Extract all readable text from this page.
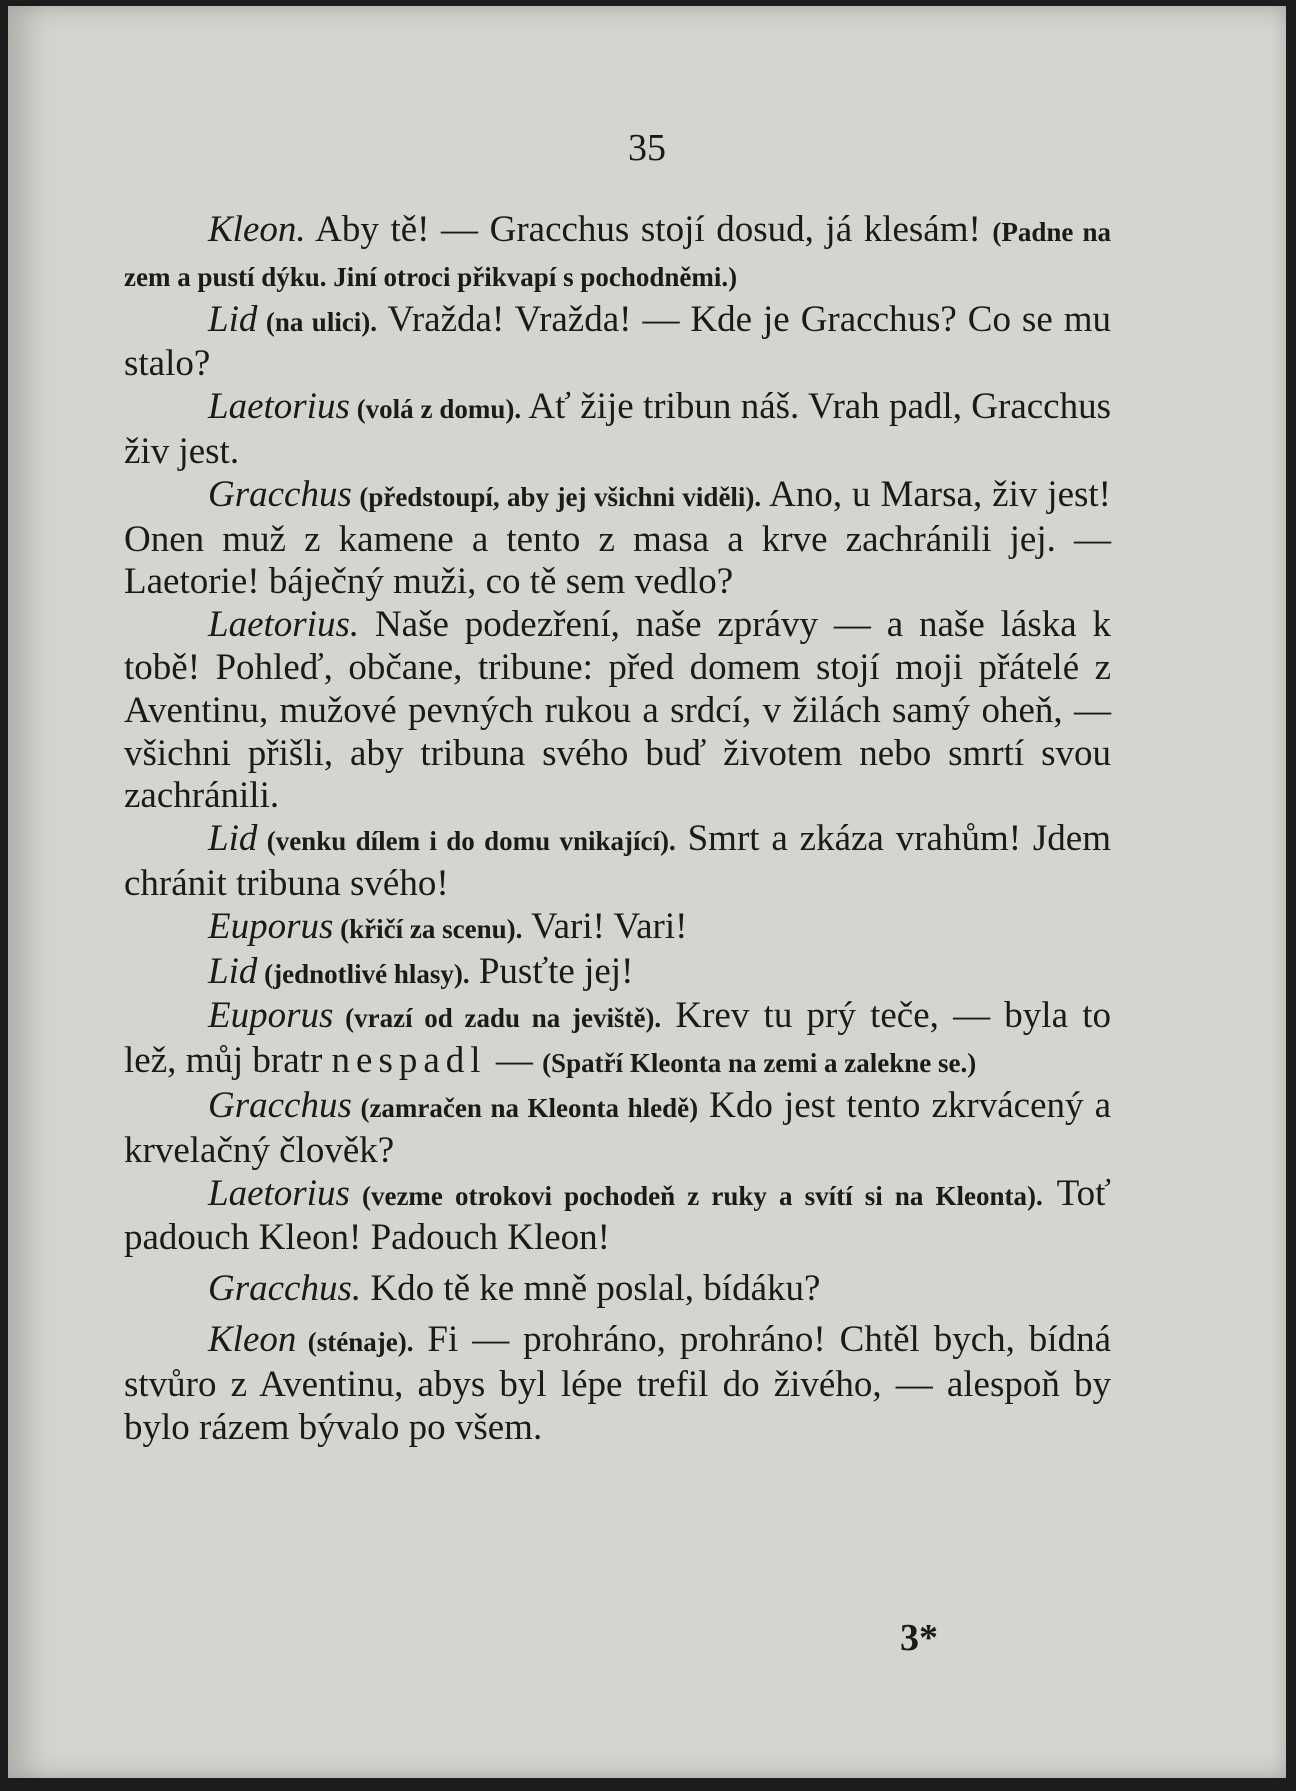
35

Kleon. Aby tě! — Gracchus stojí dosud, já klesám! (Padne na zem a pustí dýku. Jiní otroci přikvapí s pochodněmi.)

Lid (na ulici). Vražda! Vražda! — Kde je Gracchus? Co se mu stalo?

Laetorius (volá z domu). Ať žije tribun náš. Vrah padl, Gracchus živ jest.

Gracchus (předstoupí, aby jej všichni viděli). Ano, u Marsa, živ jest! Onen muž z kamene a tento z masa a krve zachránili jej. — Laetorie! báječný muži, co tě sem vedlo?

Laetorius. Naše podezření, naše zprávy — a naše láska k tobě! Pohleď, občane, tribune: před domem stojí moji přátelé z Aventinu, mužové pevných rukou a srdcí, v žilách samý oheň, — všichni přišli, aby tribuna svého buď životem nebo smrtí svou zachránili.

Lid (venku dílem i do domu vnikající). Smrt a zkáza vrahům! Jdem chránit tribuna svého!

Euporus (křičí za scenu). Vari! Vari!

Lid (jednotlivé hlasy). Pusťte jej!

Euporus (vrazí od zadu na jeviště). Krev tu prý teče, — byla to lež, můj bratr nespadl — (Spatří Kleonta na zemi a zalekne se.)

Gracchus (zamračen na Kleonta hledě) Kdo jest tento zkrvácený a krvelačný člověk?

Laetorius (vezme otrokovi pochodeň z ruky a svítí si na Kleonta). Toť padouch Kleon! Padouch Kleon!

Gracchus. Kdo tě ke mně poslal, bídáku?

Kleon (sténaje). Fi — prohráno, prohráno! Chtěl bych, bídná stvůro z Aventinu, abys byl lépe trefil do živého, — alespoň by bylo rázem bývalo po všem.

3*
